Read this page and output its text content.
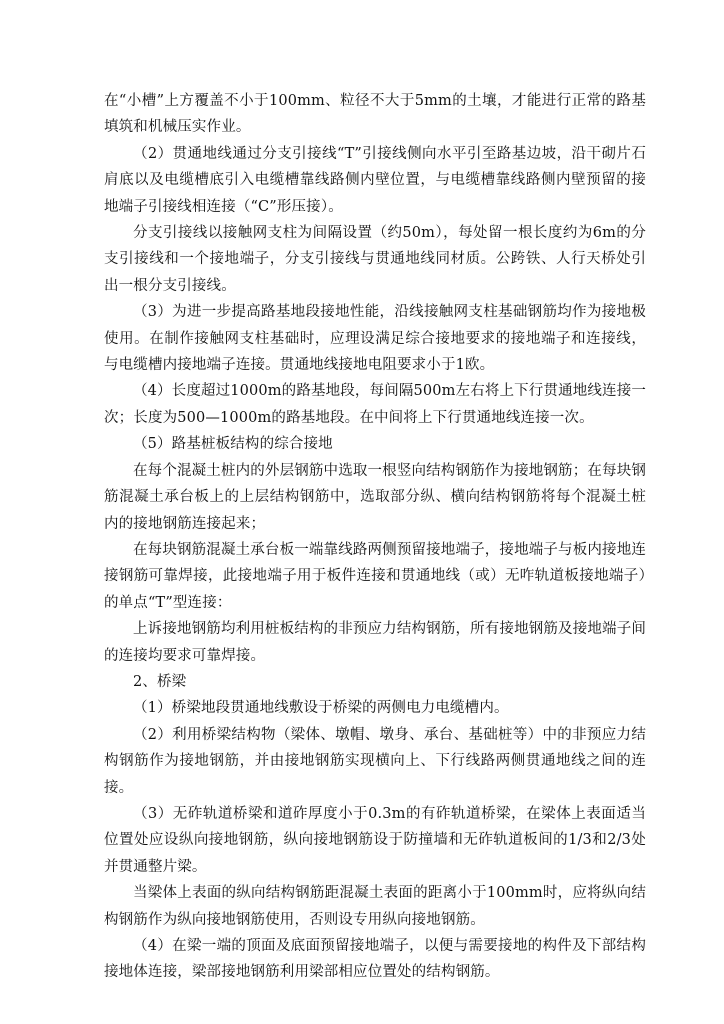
在“小槽”上方覆盖不小于100mm、粒径不大于5mm的土壤，才能进行正常的路基填筑和机械压实作业。

（2）贯通地线通过分支引接线“T”引接线侧向水平引至路基边坡，沿干砌片石肩底以及电缆槽底引入电缆槽靠线路侧内壁位置，与电缆槽靠线路侧内壁预留的接地端子引接线相连接（“C”形压接）。

分支引接线以接触网支柱为间隔设置（约50m），每处留一根长度约为6m的分支引接线和一个接地端子，分支引接线与贯通地线同材质。公跨铁、人行天桥处引出一根分支引接线。

（3）为进一步提高路基地段接地性能，沿线接触网支柱基础钢筋均作为接地极使用。在制作接触网支柱基础时，应理设满足综合接地要求的接地端子和连接线，与电缆槽内接地端子连接。贯通地线接地电阻要求小于1欧。

（4）长度超过1000m的路基地段，每间隔500m左右将上下行贯通地线连接一次；长度为500—1000m的路基地段。在中间将上下行贯通地线连接一次。

（5）路基桩板结构的综合接地

在每个混凝土桩内的外层钢筋中选取一根竖向结构钢筋作为接地钢筋；在每块钢筋混凝土承台板上的上层结构钢筋中，选取部分纵、横向结构钢筋将每个混凝土桩内的接地钢筋连接起来；

在每块钢筋混凝土承台板一端靠线路两侧预留接地端子，接地端子与板内接地连接钢筋可靠焊接，此接地端子用于板件连接和贯通地线（或）无咋轨道板接地端子）的单点“T”型连接：

上诉接地钢筋均利用桩板结构的非预应力结构钢筋，所有接地钢筋及接地端子间的连接均要求可靠焊接。

2、桥梁

（1）桥梁地段贯通地线敷设于桥梁的两侧电力电缆槽内。

（2）利用桥梁结构物（梁体、墩帽、墩身、承台、基础桩等）中的非预应力结构钢筋作为接地钢筋，并由接地钢筋实现横向上、下行线路两侧贯通地线之间的连接。

（3）无砟轨道桥梁和道砟厚度小于0.3m的有砟轨道桥梁，在梁体上表面适当位置处应设纵向接地钢筋，纵向接地钢筋设于防撞墙和无砟轨道板间的1/3和2/3处并贯通整片梁。

当梁体上表面的纵向结构钢筋距混凝土表面的距离小于100mm时，应将纵向结构钢筋作为纵向接地钢筋使用，否则设专用纵向接地钢筋。

（4）在梁一端的顶面及底面预留接地端子，以便与需要接地的构件及下部结构接地体连接，梁部接地钢筋利用梁部相应位置处的结构钢筋。
